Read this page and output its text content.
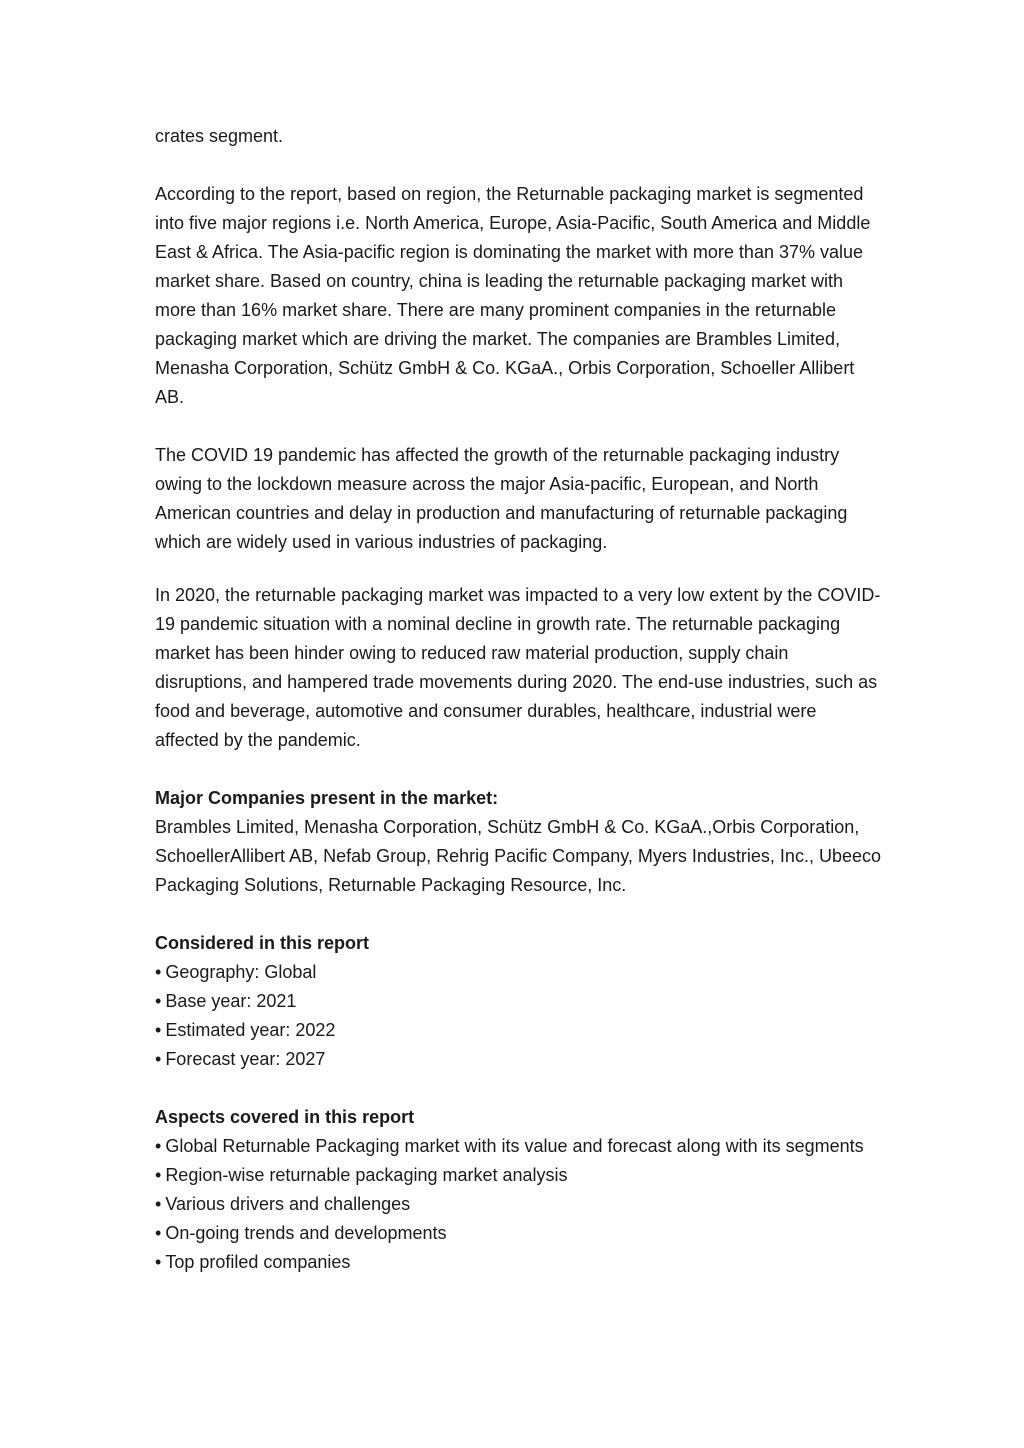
crates segment.

According to the report, based on region, the Returnable packaging market is segmented into five major regions i.e. North America, Europe, Asia-Pacific, South America and Middle East & Africa. The Asia-pacific region is dominating the market with more than 37% value market share. Based on country, china is leading the returnable packaging market with more than 16% market share. There are many prominent companies in the returnable packaging market which are driving the market. The companies are Brambles Limited, Menasha Corporation, Schütz GmbH & Co. KGaA., Orbis Corporation, Schoeller Allibert AB.

The COVID 19 pandemic has affected the growth of the returnable packaging industry owing to the lockdown measure across the major Asia-pacific, European, and North American countries and delay in production and manufacturing of returnable packaging which are widely used in various industries of packaging.

In 2020, the returnable packaging market was impacted to a very low extent by the COVID-19 pandemic situation with a nominal decline in growth rate. The returnable packaging market has been hinder owing to reduced raw material production, supply chain disruptions, and hampered trade movements during 2020. The end-use industries, such as food and beverage, automotive and consumer durables, healthcare, industrial were affected by the pandemic.

Major Companies present in the market:

Brambles Limited, Menasha Corporation, Schütz GmbH & Co. KGaA.,Orbis Corporation, SchoellerAllibert AB, Nefab Group, Rehrig Pacific Company, Myers Industries, Inc., Ubeeco Packaging Solutions, Returnable Packaging Resource, Inc.

Considered in this report

• Geography: Global
• Base year: 2021
• Estimated year: 2022
• Forecast year: 2027

Aspects covered in this report

• Global Returnable Packaging market with its value and forecast along with its segments
• Region-wise returnable packaging market analysis
• Various drivers and challenges
• On-going trends and developments
• Top profiled companies
